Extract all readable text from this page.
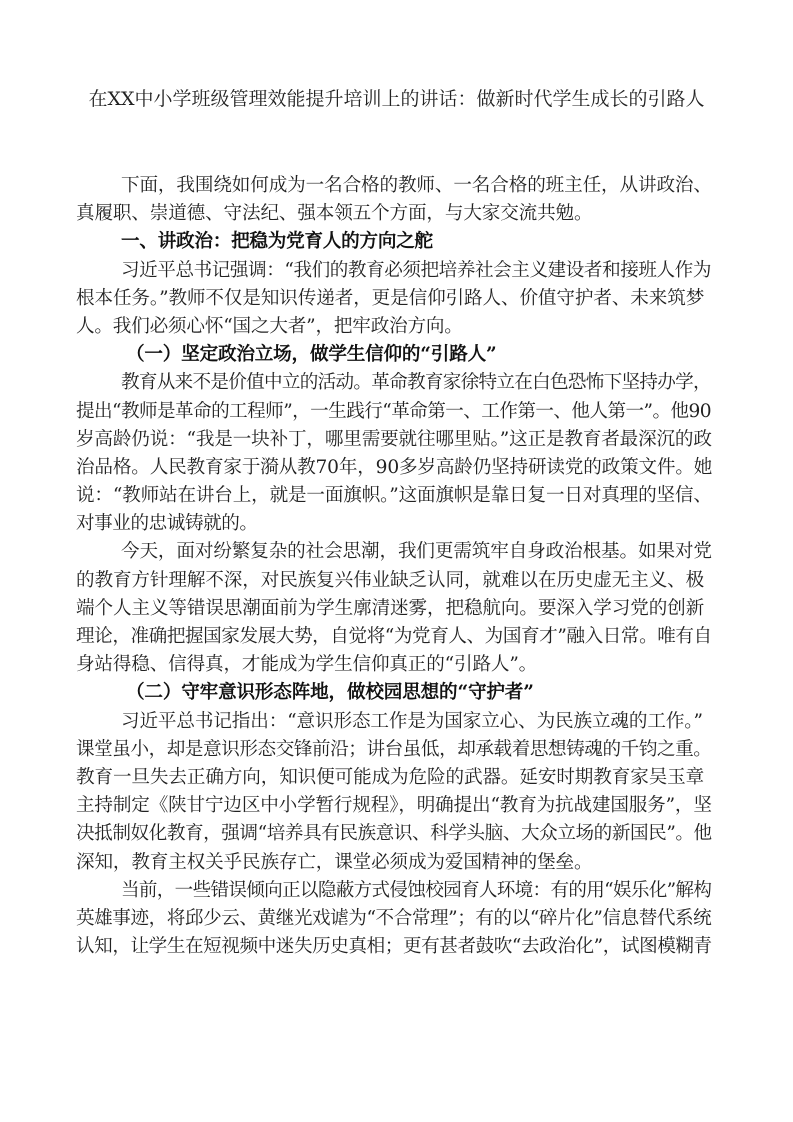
在XX中小学班级管理效能提升培训上的讲话：做新时代学生成长的引路人
下面，我围绕如何成为一名合格的教师、一名合格的班主任，从讲政治、
真履职、崇道德、守法纪、强本领五个方面，与大家交流共勉。
一、讲政治：把稳为党育人的方向之舵
习近平总书记强调：“我们的教育必须把培养社会主义建设者和接班人作为
根本任务。”教师不仅是知识传递者，更是信仰引路人、价值守护者、未来筑梦
人。我们必须心怀“国之大者”，把牢政治方向。
（一）坚定政治立场，做学生信仰的“引路人”
教育从来不是价值中立的活动。革命教育家徐特立在白色恐怖下坚持办学，
提出“教师是革命的工程师”，一生践行“革命第一、工作第一、他人第一”。他90
岁高龄仍说：“我是一块补丁，哪里需要就往哪里贴。”这正是教育者最深沉的政
治品格。人民教育家于漪从教70年，90多岁高龄仍坚持研读党的政策文件。她
说：“教师站在讲台上，就是一面旗帜。”这面旗帜是靠日复一日对真理的坚信、
对事业的忠诚铸就的。
今天，面对纷繁复杂的社会思潮，我们更需筑牢自身政治根基。如果对党
的教育方针理解不深，对民族复兴伟业缺乏认同，就难以在历史虚无主义、极
端个人主义等错误思潮面前为学生廓清迷雾，把稳航向。要深入学习党的创新
理论，准确把握国家发展大势，自觉将“为党育人、为国育才”融入日常。唯有自
身站得稳、信得真，才能成为学生信仰真正的“引路人”。
（二）守牢意识形态阵地，做校园思想的“守护者”
习近平总书记指出：“意识形态工作是为国家立心、为民族立魂的工作。”
课堂虽小，却是意识形态交锋前沿；讲台虽低，却承载着思想铸魂的千钧之重。
教育一旦失去正确方向，知识便可能成为危险的武器。延安时期教育家吴玉章
主持制定《陕甘宁边区中小学暂行规程》，明确提出“教育为抗战建国服务”，坚
决抵制奴化教育，强调“培养具有民族意识、科学头脑、大众立场的新国民”。他
深知，教育主权关乎民族存亡，课堂必须成为爱国精神的堡垒。
当前，一些错误倾向正以隐蔽方式侵蚀校园育人环境：有的用“娱乐化”解构
英雄事迹，将邱少云、黄继光戏谑为“不合常理”；有的以“碎片化”信息替代系统
认知，让学生在短视频中迷失历史真相；更有甚者鼓吹“去政治化”，试图模糊青
